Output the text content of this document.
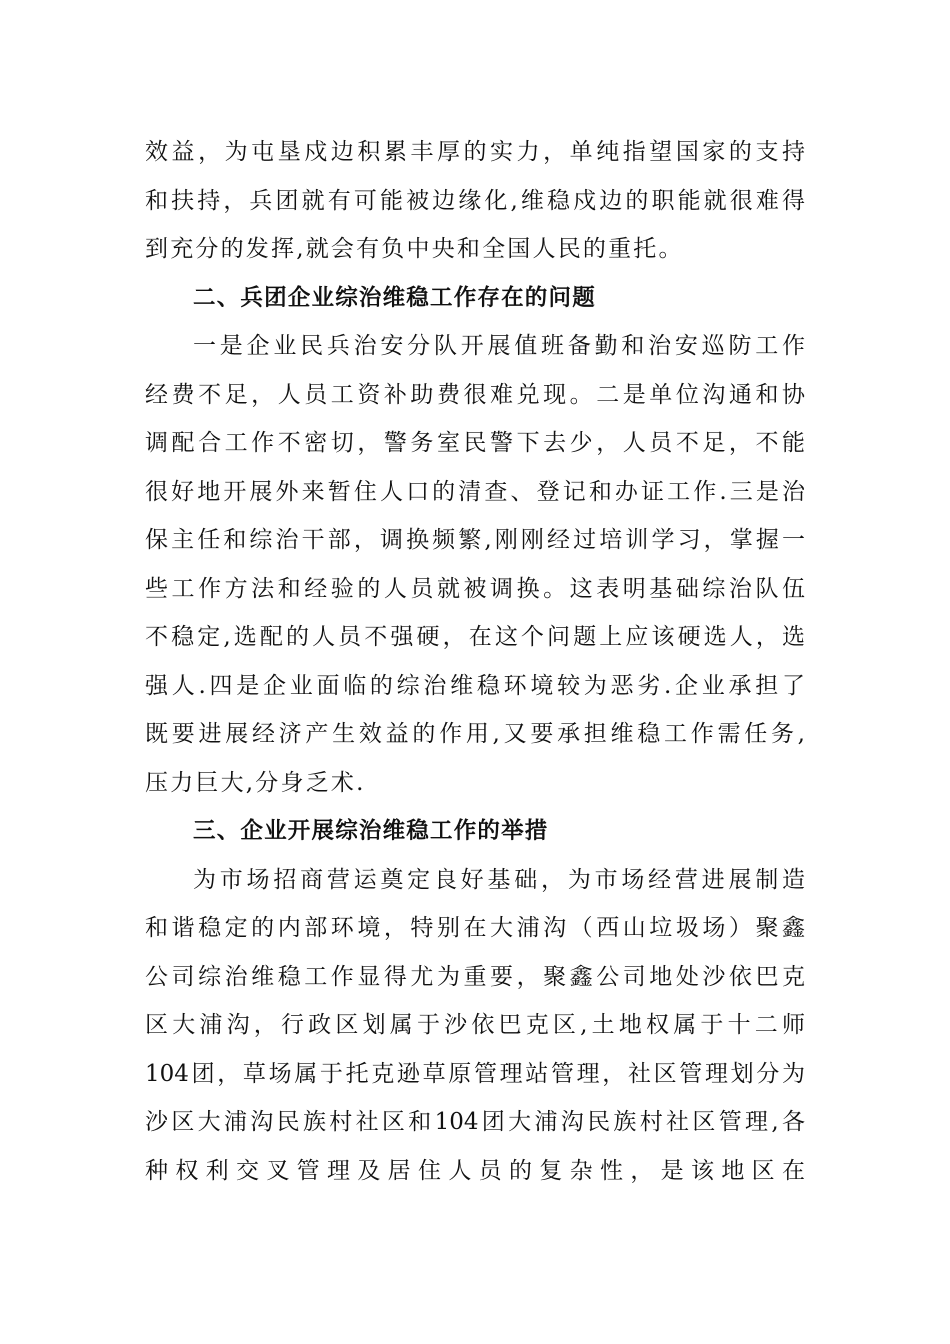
效益，为屯垦戍边积累丰厚的实力，单纯指望国家的支持
和扶持，兵团就有可能被边缘化,维稳戍边的职能就很难得
到充分的发挥,就会有负中央和全国人民的重托。
二、兵团企业综治维稳工作存在的问题
一是企业民兵治安分队开展值班备勤和治安巡防工作
经费不足，人员工资补助费很难兑现。二是单位沟通和协
调配合工作不密切，警务室民警下去少，人员不足，不能
很好地开展外来暂住人口的清查、登记和办证工作.三是治
保主任和综治干部，调换频繁,刚刚经过培训学习，掌握一
些工作方法和经验的人员就被调换。这表明基础综治队伍
不稳定,选配的人员不强硬，在这个问题上应该硬选人，选
强人.四是企业面临的综治维稳环境较为恶劣.企业承担了
既要进展经济产生效益的作用,又要承担维稳工作需任务,
压力巨大,分身乏术.
三、企业开展综治维稳工作的举措
为市场招商营运奠定良好基础，为市场经营进展制造
和谐稳定的内部环境，特别在大浦沟（西山垃圾场）聚鑫
公司综治维稳工作显得尤为重要，聚鑫公司地处沙依巴克
区大浦沟，行政区划属于沙依巴克区,土地权属于十二师
104团，草场属于托克逊草原管理站管理，社区管理划分为
沙区大浦沟民族村社区和104团大浦沟民族村社区管理,各
种权利交叉管理及居住人员的复杂性，是该地区在
